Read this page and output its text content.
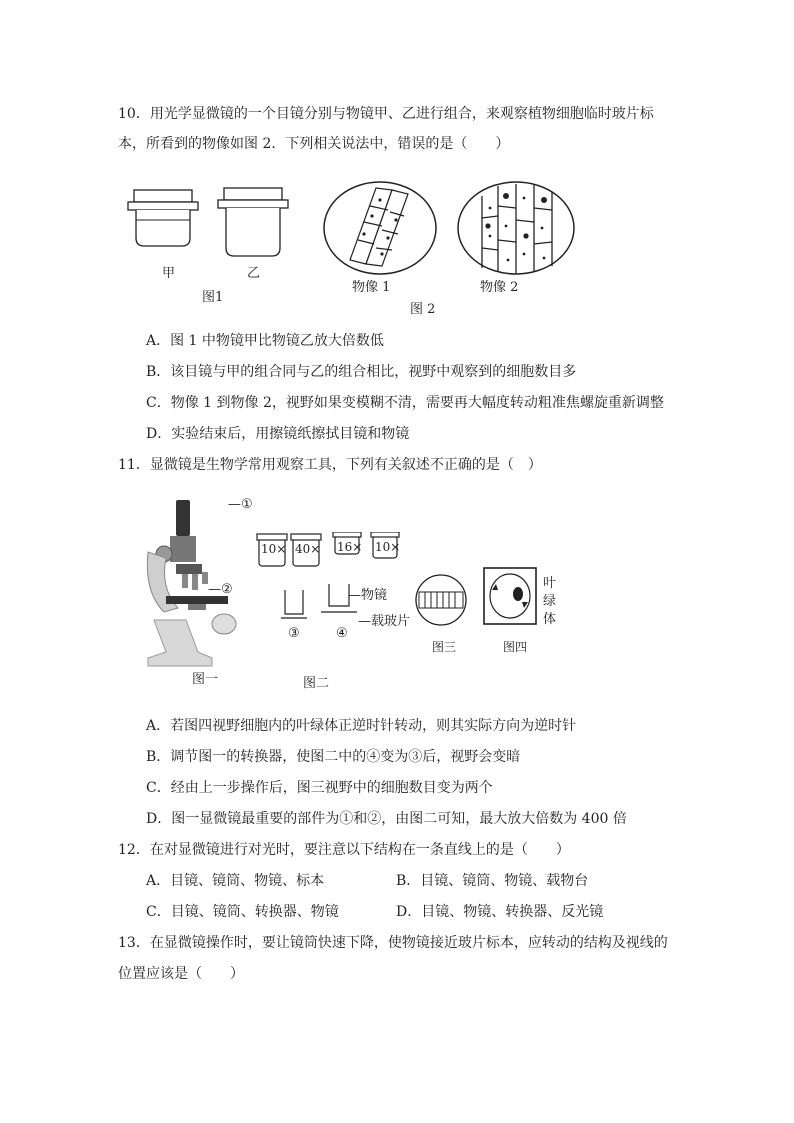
10．用光学显微镜的一个目镜分别与物镜甲、乙进行组合，来观察植物细胞临时玻片标
本，所看到的物像如图 2．下列相关说法中，错误的是（　　）
甲	乙
图1
物像 1	物像 2
图 2
A．图 1 中物镜甲比物镜乙放大倍数低
B．该目镜与甲的组合同与乙的组合相比，视野中观察到的细胞数目多
C．物像 1 到物像 2，视野如果变模糊不清，需要再大幅度转动粗准焦螺旋重新调整
D．实验结束后，用擦镜纸擦拭目镜和物镜
11．显微镜是生物学常用观察工具，下列有关叙述不正确的是（　）
—①
—②
图一
10× 40× 16× 10×
—物镜
—载玻片
③	④
图二
图三
叶
绿
体
图四
A．若图四视野细胞内的叶绿体正逆时针转动，则其实际方向为逆时针
B．调节图一的转换器，使图二中的④变为③后，视野会变暗
C．经由上一步操作后，图三视野中的细胞数目变为两个
D．图一显微镜最重要的部件为①和②，由图二可知，最大放大倍数为 400 倍
12．在对显微镜进行对光时，要注意以下结构在一条直线上的是（　　）
A．目镜、镜筒、物镜、标本	B．目镜、镜筒、物镜、载物台
C．目镜、镜筒、转换器、物镜	D．目镜、物镜、转换器、反光镜
13．在显微镜操作时，要让镜筒快速下降，使物镜接近玻片标本，应转动的结构及视线的
位置应该是（　　）
